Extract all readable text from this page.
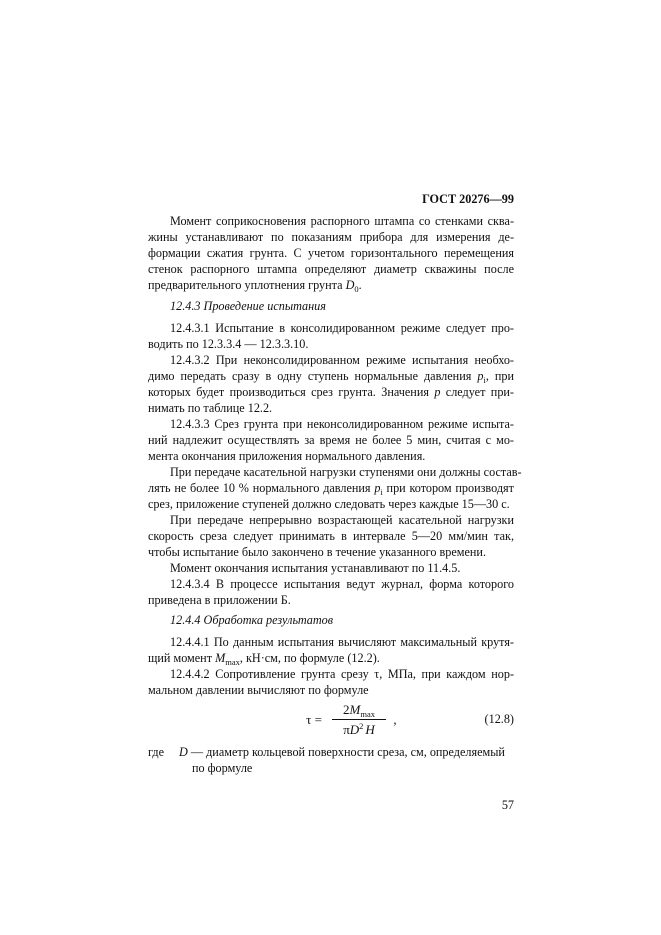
ГОСТ 20276—99
Момент соприкосновения распорного штампа со стенками сква-
жины устанавливают по показаниям прибора для измерения де-
формации сжатия грунта. С учетом горизонтального перемещения
стенок распорного штампа определяют диаметр скважины после
предварительного уплотнения грунта $D_0$.
12.4.3 Проведение испытания
12.4.3.1 Испытание в консолидированном режиме следует про-
водить по 12.3.3.4 — 12.3.3.10.
12.4.3.2 При неконсолидированном режиме испытания необхо-
димо передать сразу в одну ступень нормальные давления $p_i$, при
которых будет производиться срез грунта. Значения p следует при-
нимать по таблице 12.2.
12.4.3.3 Срез грунта при неконсолидированном режиме испыта-
ний надлежит осуществлять за время не более 5 мин, считая с мо-
мента окончания приложения нормального давления.
При передаче касательной нагрузки ступенями они должны состав-
лять не более 10 % нормального давления $p_i$ при котором производят
срез, приложение ступеней должно следовать через каждые 15—30 с.
При передаче непрерывно возрастающей касательной нагрузки
скорость среза следует принимать в интервале 5—20 мм/мин так,
чтобы испытание было закончено в течение указанного времени.
Момент окончания испытания устанавливают по 11.4.5.
12.4.3.4 В процессе испытания ведут журнал, форма которого
приведена в приложении Б.
12.4.4 Обработка результатов
12.4.4.1 По данным испытания вычисляют максимальный крутя-
щий момент $M_{max}$, кН·см, по формуле (12.2).
12.4.4.2 Сопротивление грунта срезу τ, МПа, при каждом нор-
мальном давлении вычисляют по формуле
τ =
$2M_{max}$
$\pi D^2$ H
,	(12.8)
где	D — диаметр кольцевой поверхности среза, см, определяемый
по формуле
57
